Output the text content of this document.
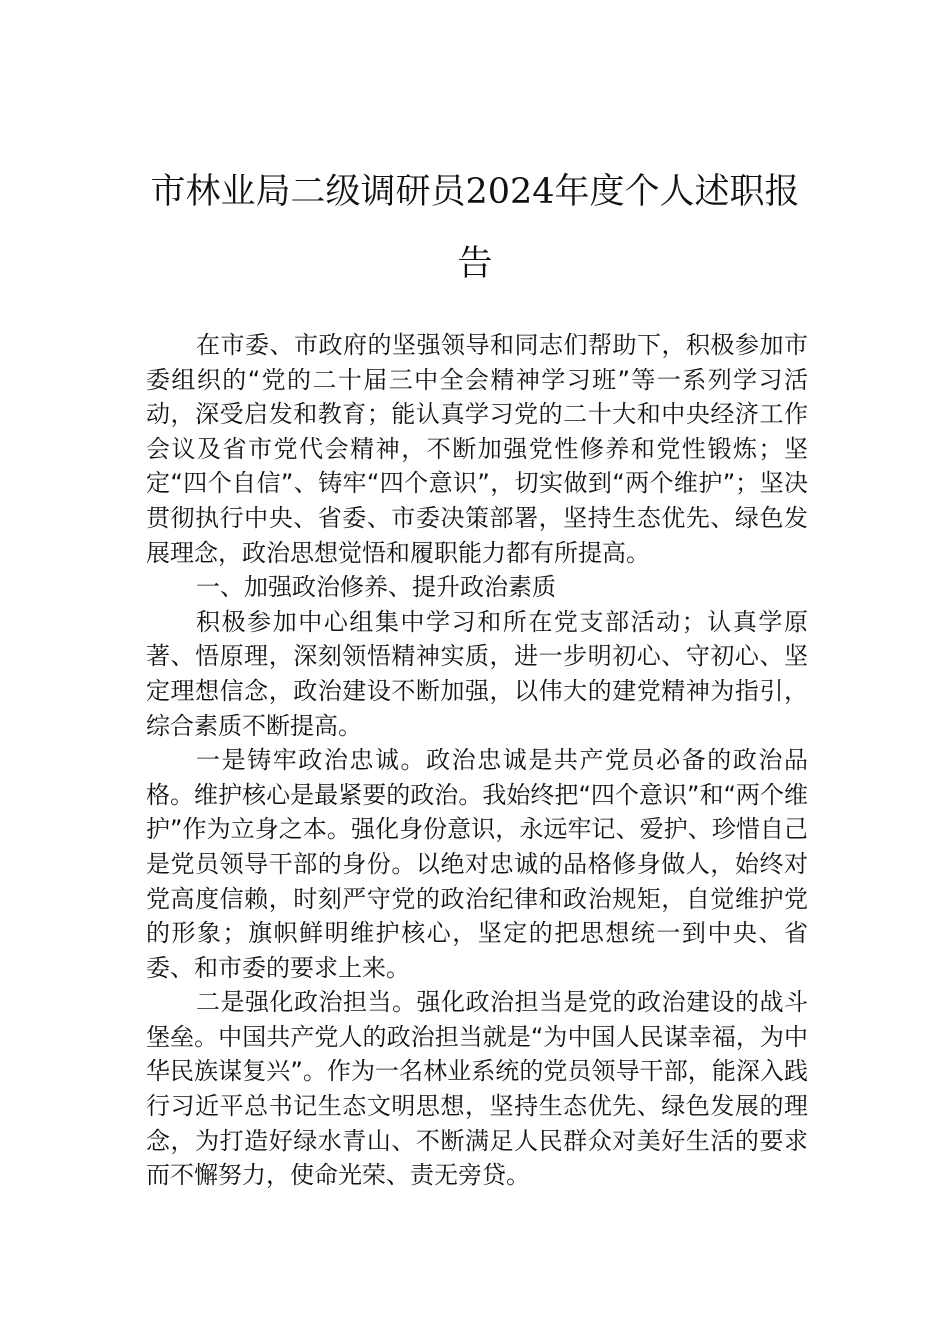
市林业局二级调研员2024年度个人述职报
告

在市委、市政府的坚强领导和同志们帮助下，积极参加市委组织的“党的二十届三中全会精神学习班”等一系列学习活动，深受启发和教育；能认真学习党的二十大和中央经济工作会议及省市党代会精神，不断加强党性修养和党性锻炼；坚定“四个自信”、铸牢“四个意识”，切实做到“两个维护”；坚决贯彻执行中央、省委、市委决策部署，坚持生态优先、绿色发展理念，政治思想觉悟和履职能力都有所提高。

一、加强政治修养、提升政治素质

积极参加中心组集中学习和所在党支部活动；认真学原著、悟原理，深刻领悟精神实质，进一步明初心、守初心、坚定理想信念，政治建设不断加强，以伟大的建党精神为指引，综合素质不断提高。

一是铸牢政治忠诚。政治忠诚是共产党员必备的政治品格。维护核心是最紧要的政治。我始终把“四个意识”和“两个维护”作为立身之本。强化身份意识，永远牢记、爱护、珍惜自己是党员领导干部的身份。以绝对忠诚的品格修身做人，始终对党高度信赖，时刻严守党的政治纪律和政治规矩，自觉维护党的形象；旗帜鲜明维护核心，坚定的把思想统一到中央、省委、和市委的要求上来。

二是强化政治担当。强化政治担当是党的政治建设的战斗堡垒。中国共产党人的政治担当就是“为中国人民谋幸福，为中华民族谋复兴”。作为一名林业系统的党员领导干部，能深入践行习近平总书记生态文明思想，坚持生态优先、绿色发展的理念，为打造好绿水青山、不断满足人民群众对美好生活的要求而不懈努力，使命光荣、责无旁贷。
